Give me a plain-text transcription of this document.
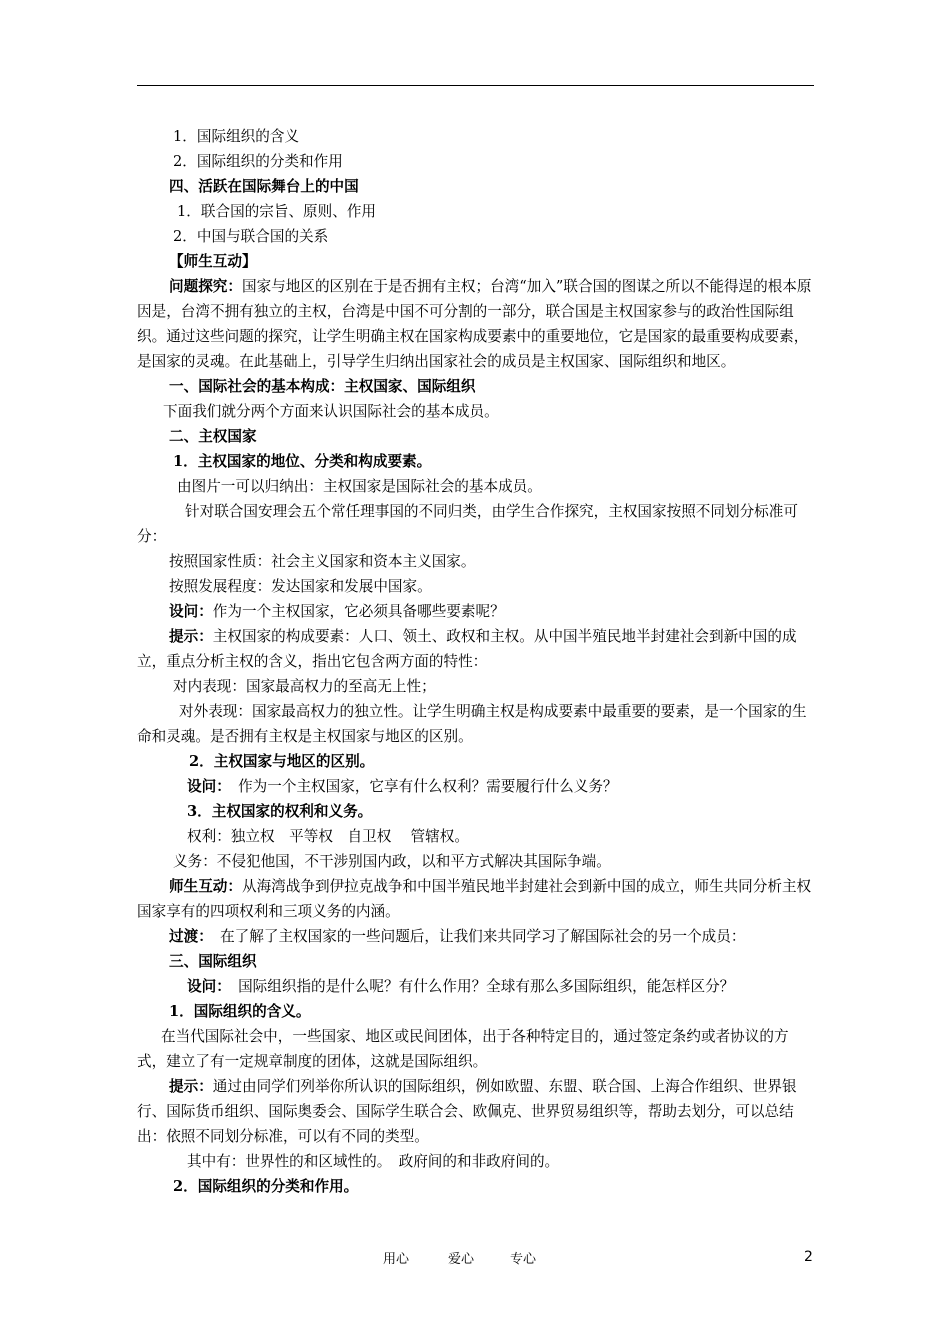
1．国际组织的含义
2．国际组织的分类和作用
四、活跃在国际舞台上的中国
1．联合国的宗旨、原则、作用
2．中国与联合国的关系
【师生互动】
问题探究：国家与地区的区别在于是否拥有主权；台湾“加入”联合国的图谋之所以不能得逞的根本原因是，台湾不拥有独立的主权，台湾是中国不可分割的一部分，联合国是主权国家参与的政治性国际组织。通过这些问题的探究，让学生明确主权在国家构成要素中的重要地位，它是国家的最重要构成要素，是国家的灵魂。在此基础上，引导学生归纳出国家社会的成员是主权国家、国际组织和地区。
一、国际社会的基本构成：主权国家、国际组织
下面我们就分两个方面来认识国际社会的基本成员。
二、主权国家
1．主权国家的地位、分类和构成要素。
由图片一可以归纳出：主权国家是国际社会的基本成员。
针对联合国安理会五个常任理事国的不同归类，由学生合作探究，主权国家按照不同划分标准可分：
按照国家性质：社会主义国家和资本主义国家。
按照发展程度：发达国家和发展中国家。
设问：作为一个主权国家，它必须具备哪些要素呢？
提示：主权国家的构成要素：人口、领土、政权和主权。从中国半殖民地半封建社会到新中国的成立，重点分析主权的含义，指出它包含两方面的特性：
对内表现：国家最高权力的至高无上性；
对外表现：国家最高权力的独立性。让学生明确主权是构成要素中最重要的要素，是一个国家的生命和灵魂。是否拥有主权是主权国家与地区的区别。
2．主权国家与地区的区别。
设问：　作为一个主权国家，它享有什么权利？需要履行什么义务？
3．主权国家的权利和义务。
权利：独立权　平等权　自卫权　 管辖权。
义务：不侵犯他国，不干涉别国内政，以和平方式解决其国际争端。
师生互动：从海湾战争到伊拉克战争和中国半殖民地半封建社会到新中国的成立，师生共同分析主权国家享有的四项权利和三项义务的内涵。
过渡：　在了解了主权国家的一些问题后，让我们来共同学习了解国际社会的另一个成员：
三、国际组织
设问：　国际组织指的是什么呢？有什么作用？全球有那么多国际组织，能怎样区分？
1．国际组织的含义。
在当代国际社会中，一些国家、地区或民间团体，出于各种特定目的，通过签定条约或者协议的方式，建立了有一定规章制度的团体，这就是国际组织。
提示：通过由同学们列举你所认识的国际组织，例如欧盟、东盟、联合国、上海合作组织、世界银行、国际货币组织、国际奥委会、国际学生联合会、欧佩克、世界贸易组织等，帮助去划分，可以总结出：依照不同划分标准，可以有不同的类型。
其中有：世界性的和区域性的。　政府间的和非政府间的。
2．国际组织的分类和作用。
用心	爱心	专心	2
